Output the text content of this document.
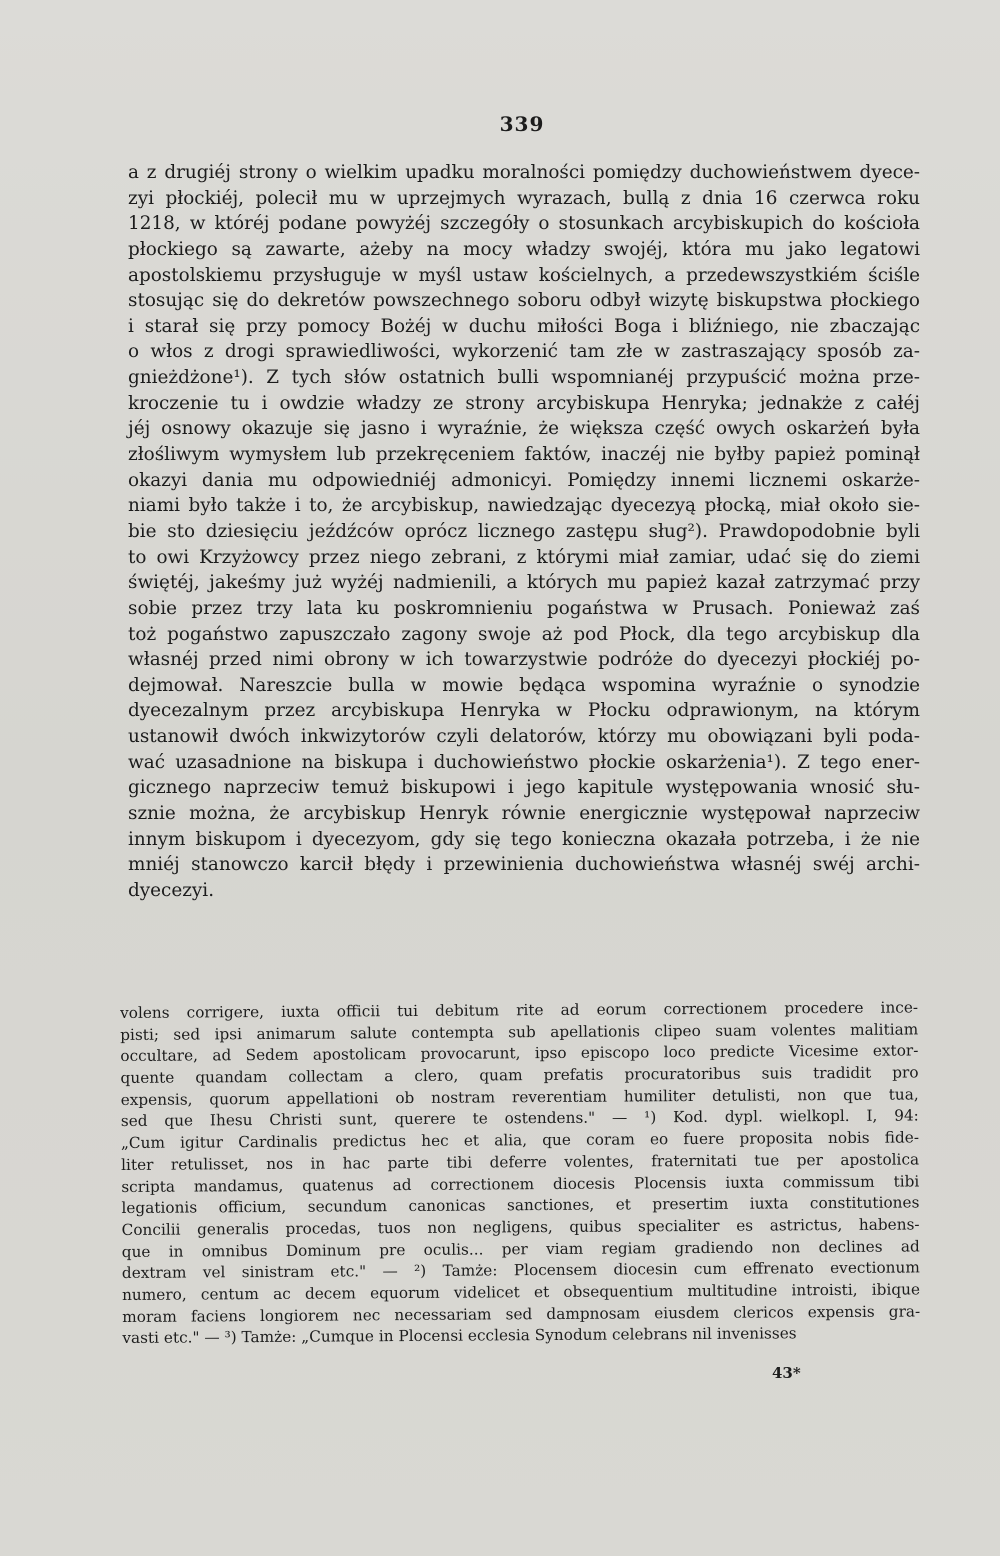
339
a z drugiéj strony o wielkim upadku moralności pomiędzy duchowieństwem dyece-
zyi płockiéj, polecił mu w uprzejmych wyrazach, bullą z dnia 16 czerwca roku
1218, w któréj podane powyżéj szczegóły o stosunkach arcybiskupich do kościoła
płockiego są zawarte, ażeby na mocy władzy swojéj, która mu jako legatowi
apostolskiemu przysługuje w myśl ustaw kościelnych, a przedewszystkiém ściśle
stosując się do dekretów powszechnego soboru odbył wizytę biskupstwa płockiego
i starał się przy pomocy Bożéj w duchu miłości Boga i bliźniego, nie zbaczając
o włos z drogi sprawiedliwości, wykorzenić tam złe w zastraszający sposób za-
gnieżdżone¹). Z tych słów ostatnich bulli wspomnianéj przypuścić można prze-
kroczenie tu i owdzie władzy ze strony arcybiskupa Henryka; jednakże z całéj
jéj osnowy okazuje się jasno i wyraźnie, że większa część owych oskarżeń była
złośliwym wymysłem lub przekręceniem faktów, inaczéj nie byłby papież pominął
okazyi dania mu odpowiedniéj admonicyi. Pomiędzy innemi licznemi oskarże-
niami było także i to, że arcybiskup, nawiedzając dyecezyą płocką, miał około sie-
bie sto dziesięciu jeźdźców oprócz licznego zastępu sług²). Prawdopodobnie byli
to owi Krzyżowcy przez niego zebrani, z którymi miał zamiar, udać się do ziemi
świętéj, jakeśmy już wyżéj nadmienili, a których mu papież kazał zatrzymać przy
sobie przez trzy lata ku poskromnieniu pogaństwa w Prusach. Ponieważ zaś
toż pogaństwo zapuszczało zagony swoje aż pod Płock, dla tego arcybiskup dla
własnéj przed nimi obrony w ich towarzystwie podróże do dyecezyi płockiéj po-
dejmował. Nareszcie bulla w mowie będąca wspomina wyraźnie o synodzie
dyecezalnym przez arcybiskupa Henryka w Płocku odprawionym, na którym
ustanowił dwóch inkwizytorów czyli delatorów, którzy mu obowiązani byli poda-
wać uzasadnione na biskupa i duchowieństwo płockie oskarżenia¹). Z tego ener-
gicznego naprzeciw temuż biskupowi i jego kapitule występowania wnosić słu-
sznie można, że arcybiskup Henryk równie energicznie występował naprzeciw
innym biskupom i dyecezyom, gdy się tego konieczna okazała potrzeba, i że nie
mniéj stanowczo karcił błędy i przewinienia duchowieństwa własnéj swéj archi-
dyecezyi.
volens corrigere, iuxta officii tui debitum rite ad eorum correctionem procedere ince-
pisti; sed ipsi animarum salute contempta sub apellationis clipeo suam volentes malitiam
occultare, ad Sedem apostolicam provocarunt, ipso episcopo loco predicte Vicesime extor-
quente quandam collectam a clero, quam prefatis procuratoribus suis tradidit pro
expensis, quorum appellationi ob nostram reverentiam humiliter detulisti, non que tua,
sed que Ihesu Christi sunt, querere te ostendens." — ¹) Kod. dypl. wielkopl. I, 94:
„Cum igitur Cardinalis predictus hec et alia, que coram eo fuere proposita nobis fide-
liter retulisset, nos in hac parte tibi deferre volentes, fraternitati tue per apostolica
scripta mandamus, quatenus ad correctionem diocesis Plocensis iuxta commissum tibi
legationis officium, secundum canonicas sanctiones, et presertim iuxta constitutiones
Concilii generalis procedas, tuos non negligens, quibus specialiter es astrictus, habens-
que in omnibus Dominum pre oculis... per viam regiam gradiendo non declines ad
dextram vel sinistram etc." — ²) Tamże: Plocensem diocesin cum effrenato evectionum
numero, centum ac decem equorum videlicet et obsequentium multitudine introisti, ibique
moram faciens longiorem nec necessariam sed dampnosam eiusdem clericos expensis gra-
vasti etc." — ³) Tamże: „Cumque in Plocensi ecclesia Synodum celebrans nil invenisses
43*
